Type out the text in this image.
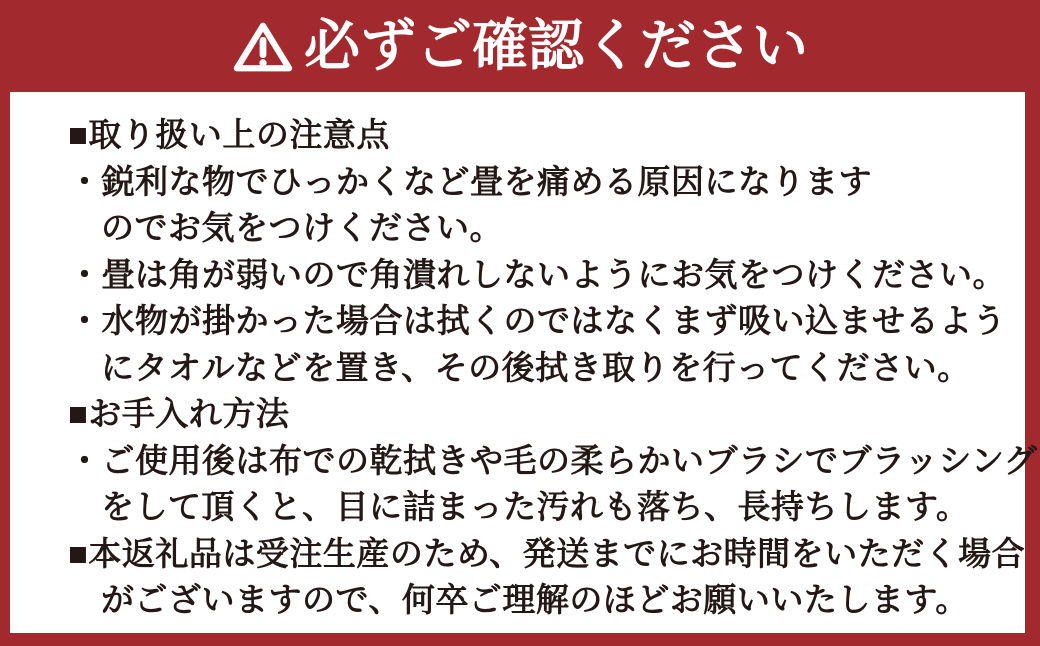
必ずご確認ください
■取り扱い上の注意点
・鋭利な物でひっかくなど畳を痛める原因になります
のでお気をつけください。
・畳は角が弱いので角潰れしないようにお気をつけください。
・水物が掛かった場合は拭くのではなくまず吸い込ませるよう
にタオルなどを置き、その後拭き取りを行ってください。
■お手入れ方法
・ご使用後は布での乾拭きや毛の柔らかいブラシでブラッシング
をして頂くと、目に詰まった汚れも落ち、長持ちします。
■本返礼品は受注生産のため、発送までにお時間をいただく場合
がございますので、何卒ご理解のほどお願いいたします。
